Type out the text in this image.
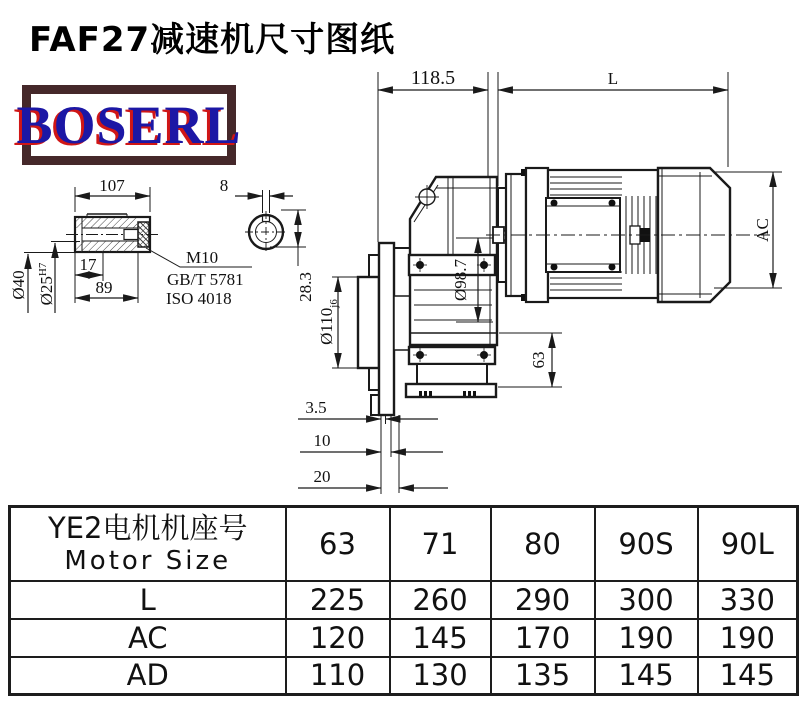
FAF27减速机尺寸图纸
BOSERL
107
M10
GB/T 5781
ISO 4018
Ø40 $Ø25^{H7}$	17
89
8
28.3
118.5	L
AC
Ø98.7
$Ø110_{j6}$
63
3.5
10
20
YE2电机机座号
Motor Size	63	71	80	90S	90L
L	225	260	290	300	330
AC	120	145	170	190	190
AD	110	130	135	145	145
